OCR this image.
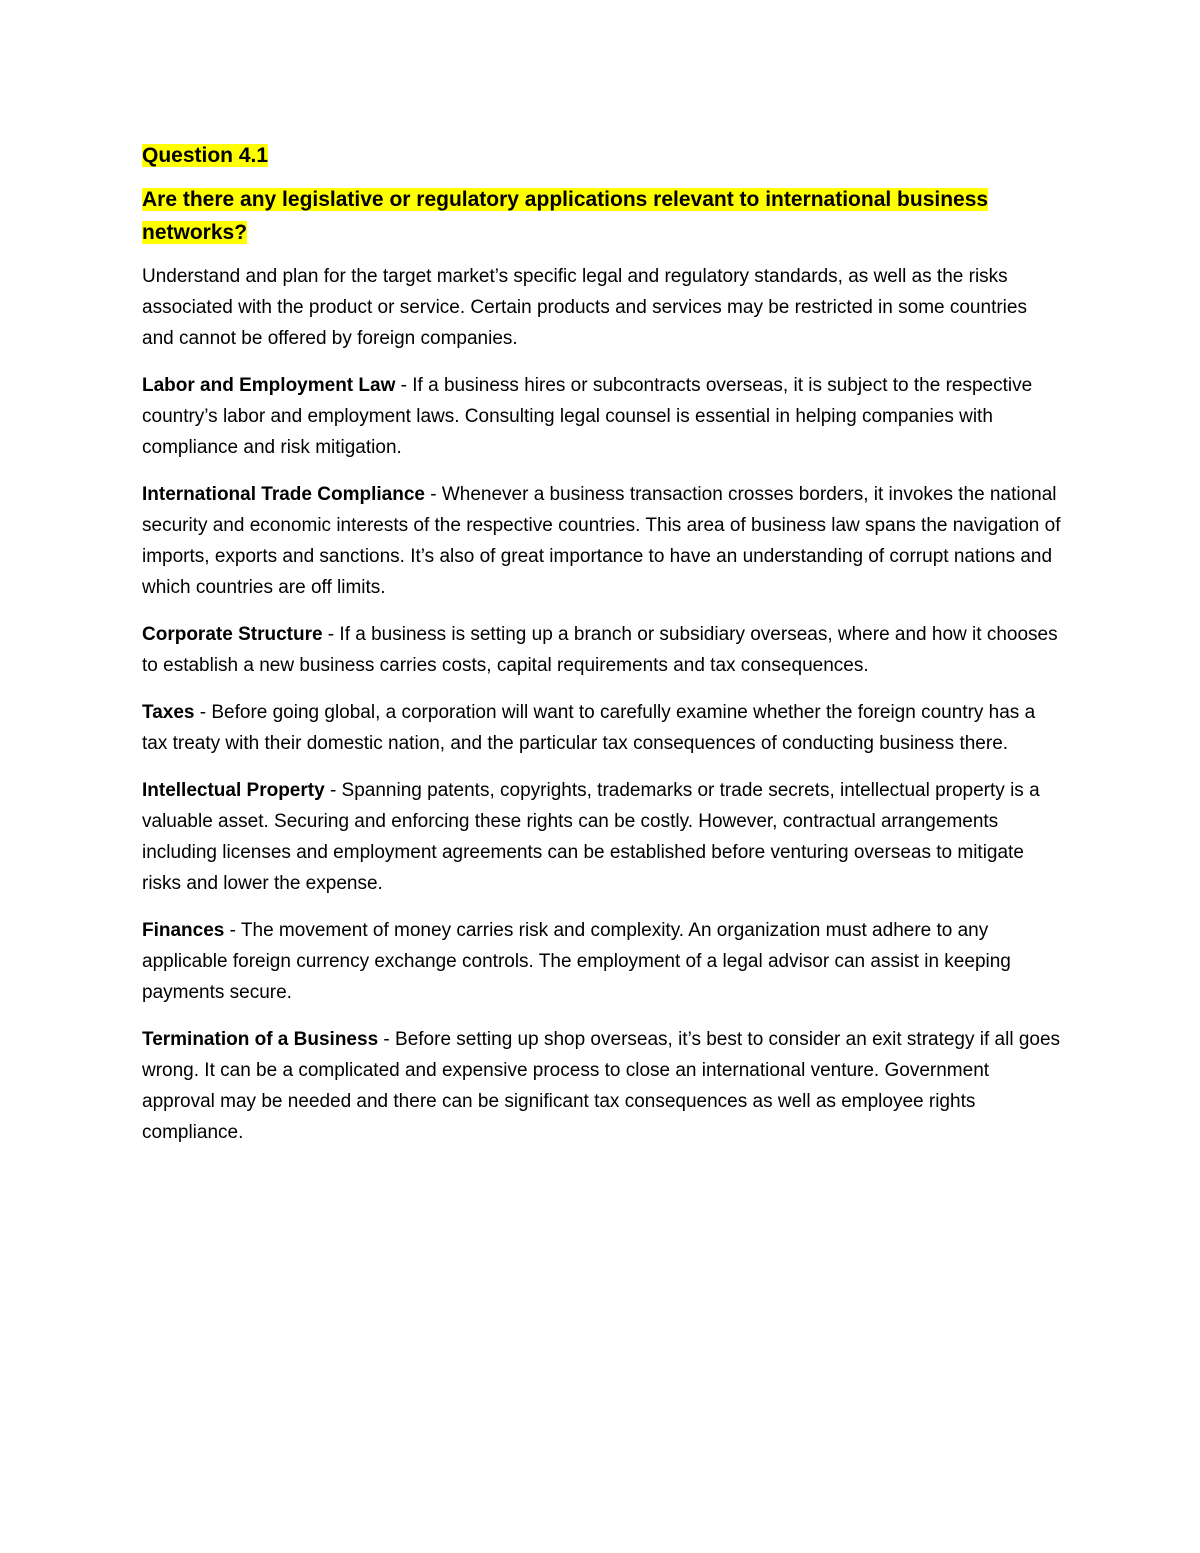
Question 4.1

Are there any legislative or regulatory applications relevant to international business networks?

Understand and plan for the target market’s specific legal and regulatory standards, as well as the risks associated with the product or service. Certain products and services may be restricted in some countries and cannot be offered by foreign companies.

Labor and Employment Law - If a business hires or subcontracts overseas, it is subject to the respective country’s labor and employment laws. Consulting legal counsel is essential in helping companies with compliance and risk mitigation.

International Trade Compliance - Whenever a business transaction crosses borders, it invokes the national security and economic interests of the respective countries. This area of business law spans the navigation of imports, exports and sanctions. It’s also of great importance to have an understanding of corrupt nations and which countries are off limits.

Corporate Structure - If a business is setting up a branch or subsidiary overseas, where and how it chooses to establish a new business carries costs, capital requirements and tax consequences.

Taxes - Before going global, a corporation will want to carefully examine whether the foreign country has a tax treaty with their domestic nation, and the particular tax consequences of conducting business there.

Intellectual Property - Spanning patents, copyrights, trademarks or trade secrets, intellectual property is a valuable asset. Securing and enforcing these rights can be costly. However, contractual arrangements including licenses and employment agreements can be established before venturing overseas to mitigate risks and lower the expense.

Finances - The movement of money carries risk and complexity. An organization must adhere to any applicable foreign currency exchange controls. The employment of a legal advisor can assist in keeping payments secure.

Termination of a Business - Before setting up shop overseas, it’s best to consider an exit strategy if all goes wrong. It can be a complicated and expensive process to close an international venture. Government approval may be needed and there can be significant tax consequences as well as employee rights compliance.
